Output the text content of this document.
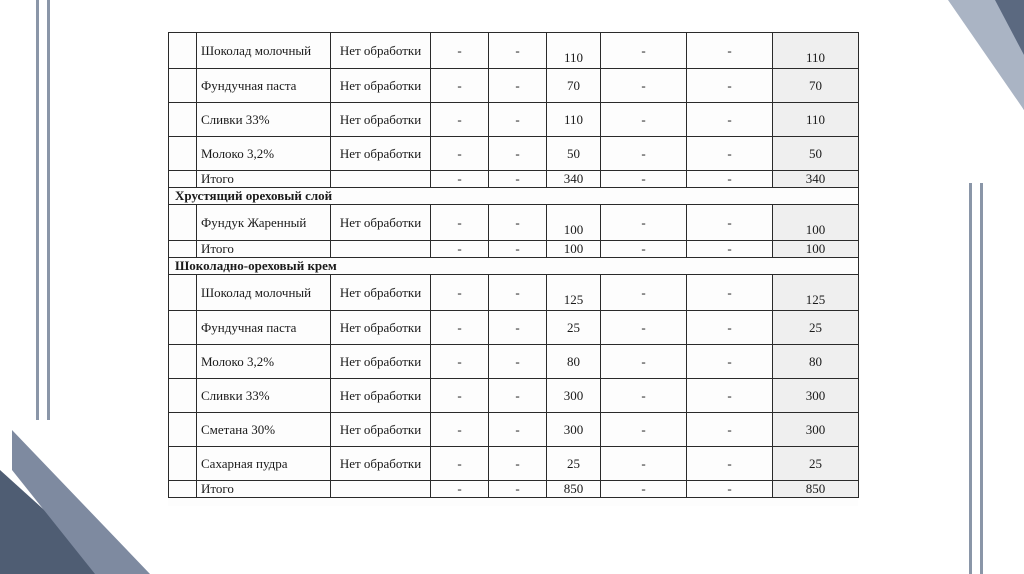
	Шоколад молочный	Нет обработки	-	-	110	-	-	110
	Фундучная паста	Нет обработки	-	-	70	-	-	70
	Сливки 33%	Нет обработки	-	-	110	-	-	110
	Молоко 3,2%	Нет обработки	-	-	50	-	-	50
	Итого		-	-	340	-	-	340
Хрустящий ореховый слой								
	Фундук Жаренный	Нет обработки	-	-	100	-	-	100
	Итого		-	-	100	-	-	100
Шоколадно-ореховый крем								
	Шоколад молочный	Нет обработки	-	-	125	-	-	125
	Фундучная паста	Нет обработки	-	-	25	-	-	25
	Молоко 3,2%	Нет обработки	-	-	80	-	-	80
	Сливки 33%	Нет обработки	-	-	300	-	-	300
	Сметана 30%	Нет обработки	-	-	300	-	-	300
	Сахарная пудра	Нет обработки	-	-	25	-	-	25
	Итого		-	-	850	-	-	850
